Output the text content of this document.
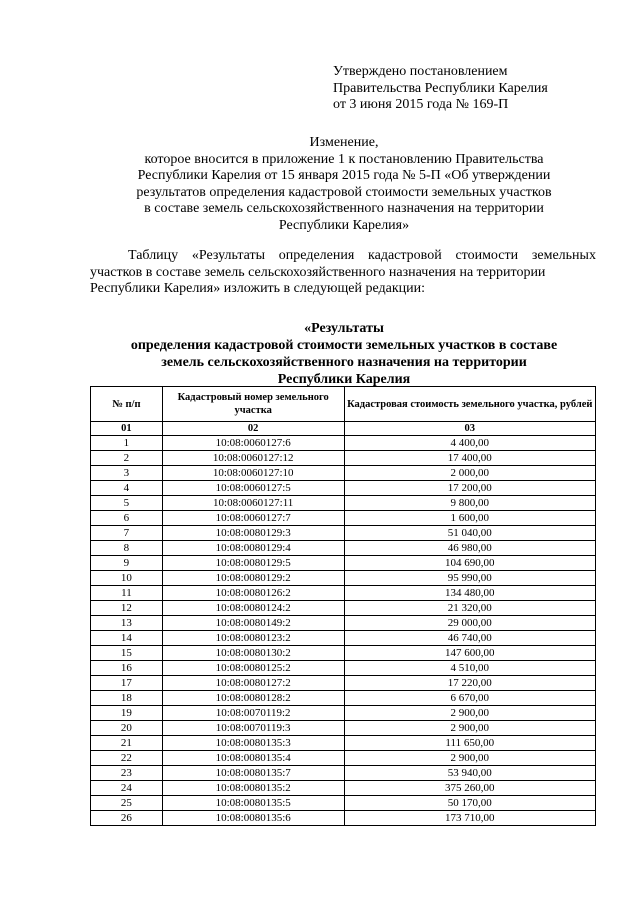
Утверждено постановлением
Правительства Республики Карелия
от 3 июня 2015 года № 169-П
Изменение,
которое вносится в приложение 1 к постановлению Правительства
Республики Карелия от 15 января 2015 года № 5-П «Об утверждении
результатов определения кадастровой стоимости земельных участков
в составе земель сельскохозяйственного назначения на территории
Республики Карелия»
Таблицу «Результаты определения кадастровой стоимости земельных
участков в составе земель сельскохозяйственного назначения на территории
Республики Карелия» изложить в следующей редакции:
«Результаты
определения кадастровой стоимости земельных участков в составе
земель сельскохозяйственного назначения на территории
Республики Карелия
№ п/п	Кадастровый номер земельного участка	Кадастровая стоимость земельного участка, рублей
01	02	03
1	10:08:0060127:6	4 400,00
2	10:08:0060127:12	17 400,00
3	10:08:0060127:10	2 000,00
4	10:08:0060127:5	17 200,00
5	10:08:0060127:11	9 800,00
6	10:08:0060127:7	1 600,00
7	10:08:0080129:3	51 040,00
8	10:08:0080129:4	46 980,00
9	10:08:0080129:5	104 690,00
10	10:08:0080129:2	95 990,00
11	10:08:0080126:2	134 480,00
12	10:08:0080124:2	21 320,00
13	10:08:0080149:2	29 000,00
14	10:08:0080123:2	46 740,00
15	10:08:0080130:2	147 600,00
16	10:08:0080125:2	4 510,00
17	10:08:0080127:2	17 220,00
18	10:08:0080128:2	6 670,00
19	10:08:0070119:2	2 900,00
20	10:08:0070119:3	2 900,00
21	10:08:0080135:3	111 650,00
22	10:08:0080135:4	2 900,00
23	10:08:0080135:7	53 940,00
24	10:08:0080135:2	375 260,00
25	10:08:0080135:5	50 170,00
26	10:08:0080135:6	173 710,00
